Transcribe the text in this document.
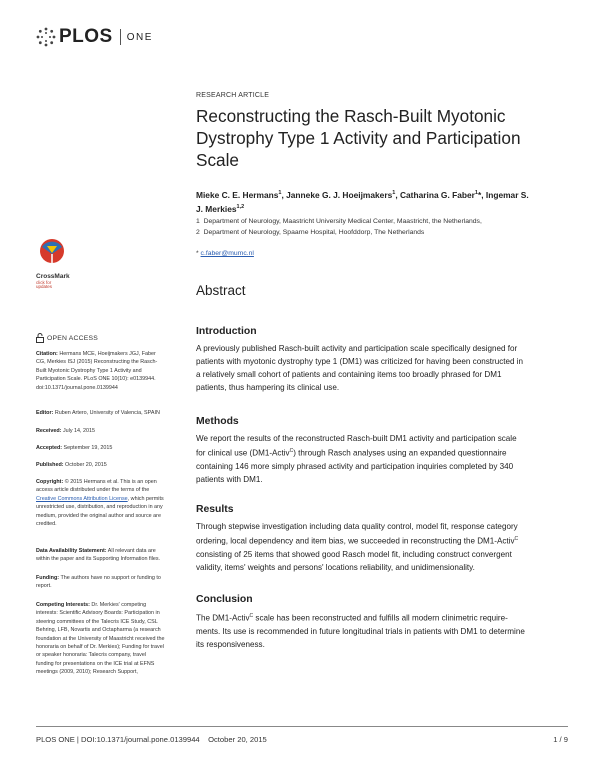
PLOS ONE
RESEARCH ARTICLE
Reconstructing the Rasch-Built Myotonic
Dystrophy Type 1 Activity and Participation
Scale
Mieke C. E. Hermans$^1$, Janneke G. J. Hoeijmakers$^1$, Catharina G. Faber$^1$*, Ingemar S.
J. Merkies$^{1,2}$
1 Department of Neurology, Maastricht University Medical Center, Maastricht, the Netherlands,
2 Department of Neurology, Spaarne Hospital, Hoofddorp, The Netherlands
* c.faber@mumc.nl
Abstract
Introduction
A previously published Rasch-built activity and participation scale specifically designed for
patients with myotonic dystrophy type 1 (DM1) was criticized for having been constructed in
a relatively small cohort of patients and containing items too broadly phrased for DM1
patients, thus hampering its clinical use.
Methods
We report the results of the reconstructed Rasch-built DM1 activity and participation scale
for clinical use (DM1-Activ$^C$) through Rasch analyses using an expanded questionnaire
containing 146 more simply phrased activity and participation inquiries completed by 340
patients with DM1.
Results
Through stepwise investigation including data quality control, model fit, response category
ordering, local dependency and item bias, we succeeded in reconstructing the DM1-Activ$^C$
consisting of 25 items that showed good Rasch model fit, including construct convergent
validity, items' weights and persons' locations reliability, and unidimensionality.
Conclusion
The DM1-Activ$^C$ scale has been reconstructed and fulfills all modern clinimetric require-
ments. Its use is recommended in future longitudinal trials in patients with DM1 to determine
its responsiveness.
CrossMark
click for updates
OPEN ACCESS
Citation: Hermans MCE, Hoeijmakers JGJ, Faber
CG, Merkies ISJ (2015) Reconstructing the Rasch-
Built Myotonic Dystrophy Type 1 Activity and
Participation Scale. PLoS ONE 10(10): e0139944.
doi:10.1371/journal.pone.0139944
Editor: Ruben Artero, University of Valencia, SPAIN
Received: July 14, 2015
Accepted: September 19, 2015
Published: October 20, 2015
Copyright: © 2015 Hermans et al. This is an open
access article distributed under the terms of the
Creative Commons Attribution License, which permits
unrestricted use, distribution, and reproduction in any
medium, provided the original author and source are
credited.
Data Availability Statement: All relevant data are
within the paper and its Supporting Information files.
Funding: The authors have no support or funding to
report.
Competing Interests: Dr. Merkies' competing
interests: Scientific Advisory Boards: Participation in
steering committees of the Talecris ICE Study, CSL
Behring, LFB, Novartis and Octapharma (a research
foundation at the University of Maastricht received the
honoraria on behalf of Dr. Merkies); Funding for travel
or speaker honoraria: Talecris company, travel
funding for presentations on the ICE trial at EFNS
meetings (2009, 2010); Research Support,
PLOS ONE | DOI:10.1371/journal.pone.0139944    October 20, 2015	1 / 9
